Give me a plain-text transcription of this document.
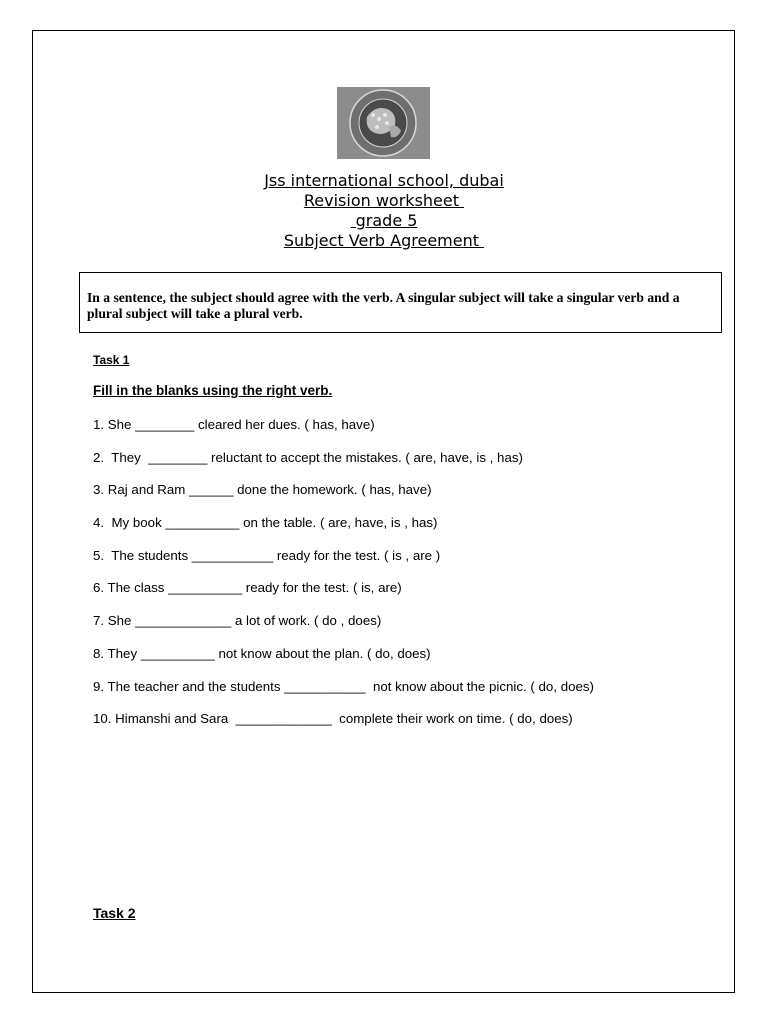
Jss international school, dubai
Revision worksheet
grade 5
Subject Verb Agreement
In a sentence, the subject should agree with the verb. A singular subject will take a singular verb and a plural subject will take a plural verb.
Task 1
Fill in the blanks using the right verb.
1. She ________ cleared her dues. ( has, have)
2.  They  ________ reluctant to accept the mistakes. ( are, have, is , has)
3. Raj and Ram ______ done the homework. ( has, have)
4.  My book __________ on the table. ( are, have, is , has)
5.  The students ___________ ready for the test. ( is , are )
6. The class __________ ready for the test. ( is, are)
7. She _____________ a lot of work. ( do , does)
8. They __________ not know about the plan. ( do, does)
9. The teacher and the students ___________  not know about the picnic. ( do, does)
10. Himanshi and Sara  _____________  complete their work on time. ( do, does)
Task 2
